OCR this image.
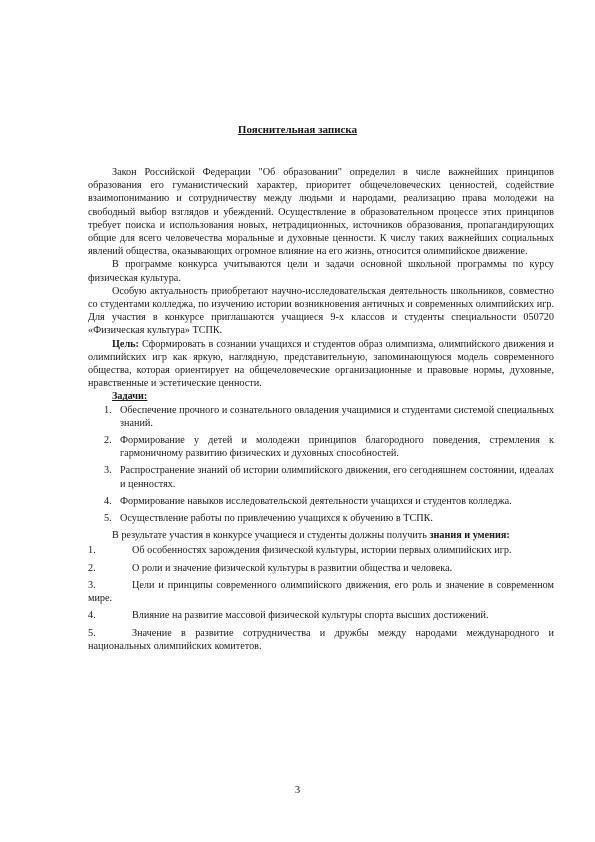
Пояснительная записка

Закон Российской Федерации "Об образовании" определил в числе важнейших принципов образования его гуманистический характер, приоритет общечеловеческих ценностей, содействие взаимопониманию и сотрудничеству между людьми и народами, реализацию права молодежи на свободный выбор взглядов и убеждений. Осуществление в образовательном процессе этих принципов требует поиска и использования новых, нетрадиционных, источников образования, пропагандирующих общие для всего человечества моральные и духовные ценности. К числу таких важнейших социальных явлений общества, оказывающих огромное влияние на его жизнь, относится олимпийское движение.

В программе конкурса учитываются цели и задачи основной школьной программы по курсу физическая культура.

Особую актуальность приобретают научно-исследовательская деятельность школьников, совместно со студентами колледжа, по изучению истории возникновения античных и современных олимпийских игр. Для участия в конкурсе приглашаются учащиеся 9-х классов и студенты специальности 050720 «Физическая культура» ТСПК.

Цель: Сформировать в сознании учащихся и студентов образ олимпизма, олимпийского движения и олимпийских игр как яркую, наглядную, представительную, запоминающуюся модель современного общества, которая ориентирует на общечеловеческие организационные и правовые нормы, духовные, нравственные и эстетические ценности.

Задачи:

1. Обеспечение прочного и сознательного овладения учащимися и студентами системой специальных знаний.
2. Формирование у детей и молодежи принципов благородного поведения, стремления к гармоничному развитию физических и духовных способностей.
3. Распространение знаний об истории олимпийского движения, его сегодняшнем состоянии, идеалах и ценностях.
4. Формирование навыков исследовательской деятельности учащихся и студентов колледжа.
5. Осуществление работы по привлечению учащихся к обучению в ТСПК.

В результате участия в конкурсе учащиеся и студенты должны получить знания и умения:

1.	Об особенностях зарождения физической культуры, истории первых олимпийских игр.
2.	О роли и значение физической культуры в развитии общества и человека.
3.	Цели и принципы современного олимпийского движения, его роль и значение в современном мире.
4.	Влияние на развитие массовой физической культуры спорта высших достижений.
5.	Значение в развитие сотрудничества и дружбы между народами международного и национальных олимпийских комитетов.
3
